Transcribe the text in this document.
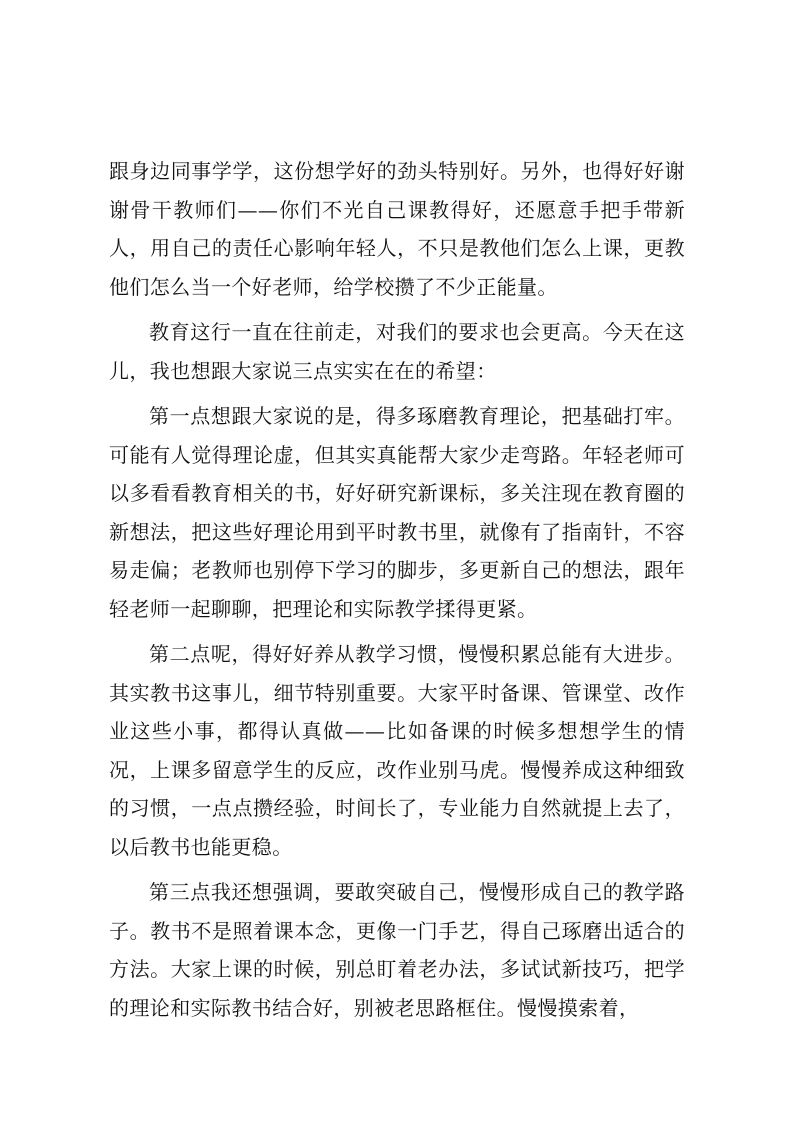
跟身边同事学学，这份想学好的劲头特别好。另外，也得好好谢谢骨干教师们——你们不光自己课教得好，还愿意手把手带新人，用自己的责任心影响年轻人，不只是教他们怎么上课，更教他们怎么当一个好老师，给学校攒了不少正能量。

教育这行一直在往前走，对我们的要求也会更高。今天在这儿，我也想跟大家说三点实实在在的希望：

第一点想跟大家说的是，得多琢磨教育理论，把基础打牢。可能有人觉得理论虚，但其实真能帮大家少走弯路。年轻老师可以多看看教育相关的书，好好研究新课标，多关注现在教育圈的新想法，把这些好理论用到平时教书里，就像有了指南针，不容易走偏；老教师也别停下学习的脚步，多更新自己的想法，跟年轻老师一起聊聊，把理论和实际教学揉得更紧。

第二点呢，得好好养从教学习惯，慢慢积累总能有大进步。其实教书这事儿，细节特别重要。大家平时备课、管课堂、改作业这些小事，都得认真做——比如备课的时候多想想学生的情况，上课多留意学生的反应，改作业别马虎。慢慢养成这种细致的习惯，一点点攒经验，时间长了，专业能力自然就提上去了，以后教书也能更稳。

第三点我还想强调，要敢突破自己，慢慢形成自己的教学路子。教书不是照着课本念，更像一门手艺，得自己琢磨出适合的方法。大家上课的时候，别总盯着老办法，多试试新技巧，把学的理论和实际教书结合好，别被老思路框住。慢慢摸索着，
